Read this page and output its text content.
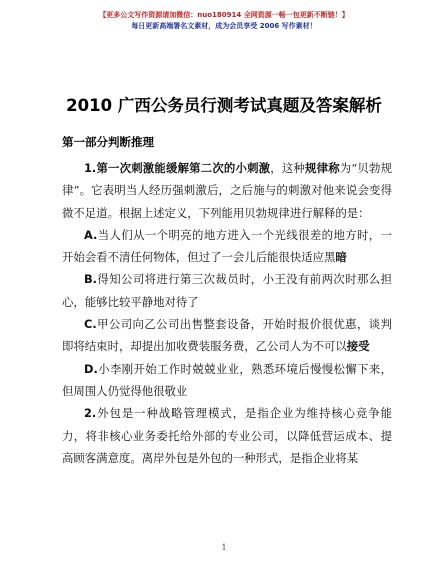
【更多公文写作资源请加微信：nuo180914 全网资源一畅一包更新不断链！】
每日更新高端署名文素材，成为会员享受 2006 写作素材！
2010 广西公务员行测考试真题及答案解析
第一部分判断推理

1.第一次刺激能缓解第二次的小刺激，这种规律称为“贝勃规律”。它表明当人经历强刺激后，之后施与的刺激对他来说会变得微不足道。根据上述定义，下列能用贝勃规律进行解释的是：

A.当人们从一个明亮的地方进入一个光线很差的地方时，一开始会看不清任何物体，但过了一会儿后能很快适应黑暗

B.得知公司将进行第三次裁员时，小王没有前两次时那么担心，能够比较平静地对待了

C.甲公司向乙公司出售整套设备，开始时报价很优惠，谈判即将结束时，却提出加收费装服务费，乙公司人为不可以接受

D.小李刚开始工作时兢兢业业，熟悉环境后慢慢松懈下来，但周围人仍觉得他很敬业

2.外包是一种战略管理模式，是指企业为维持核心竞争能力，将非核心业务委托给外部的专业公司，以降低营运成本、提高顾客满意度。离岸外包是外包的一种形式，是指企业将某

1
